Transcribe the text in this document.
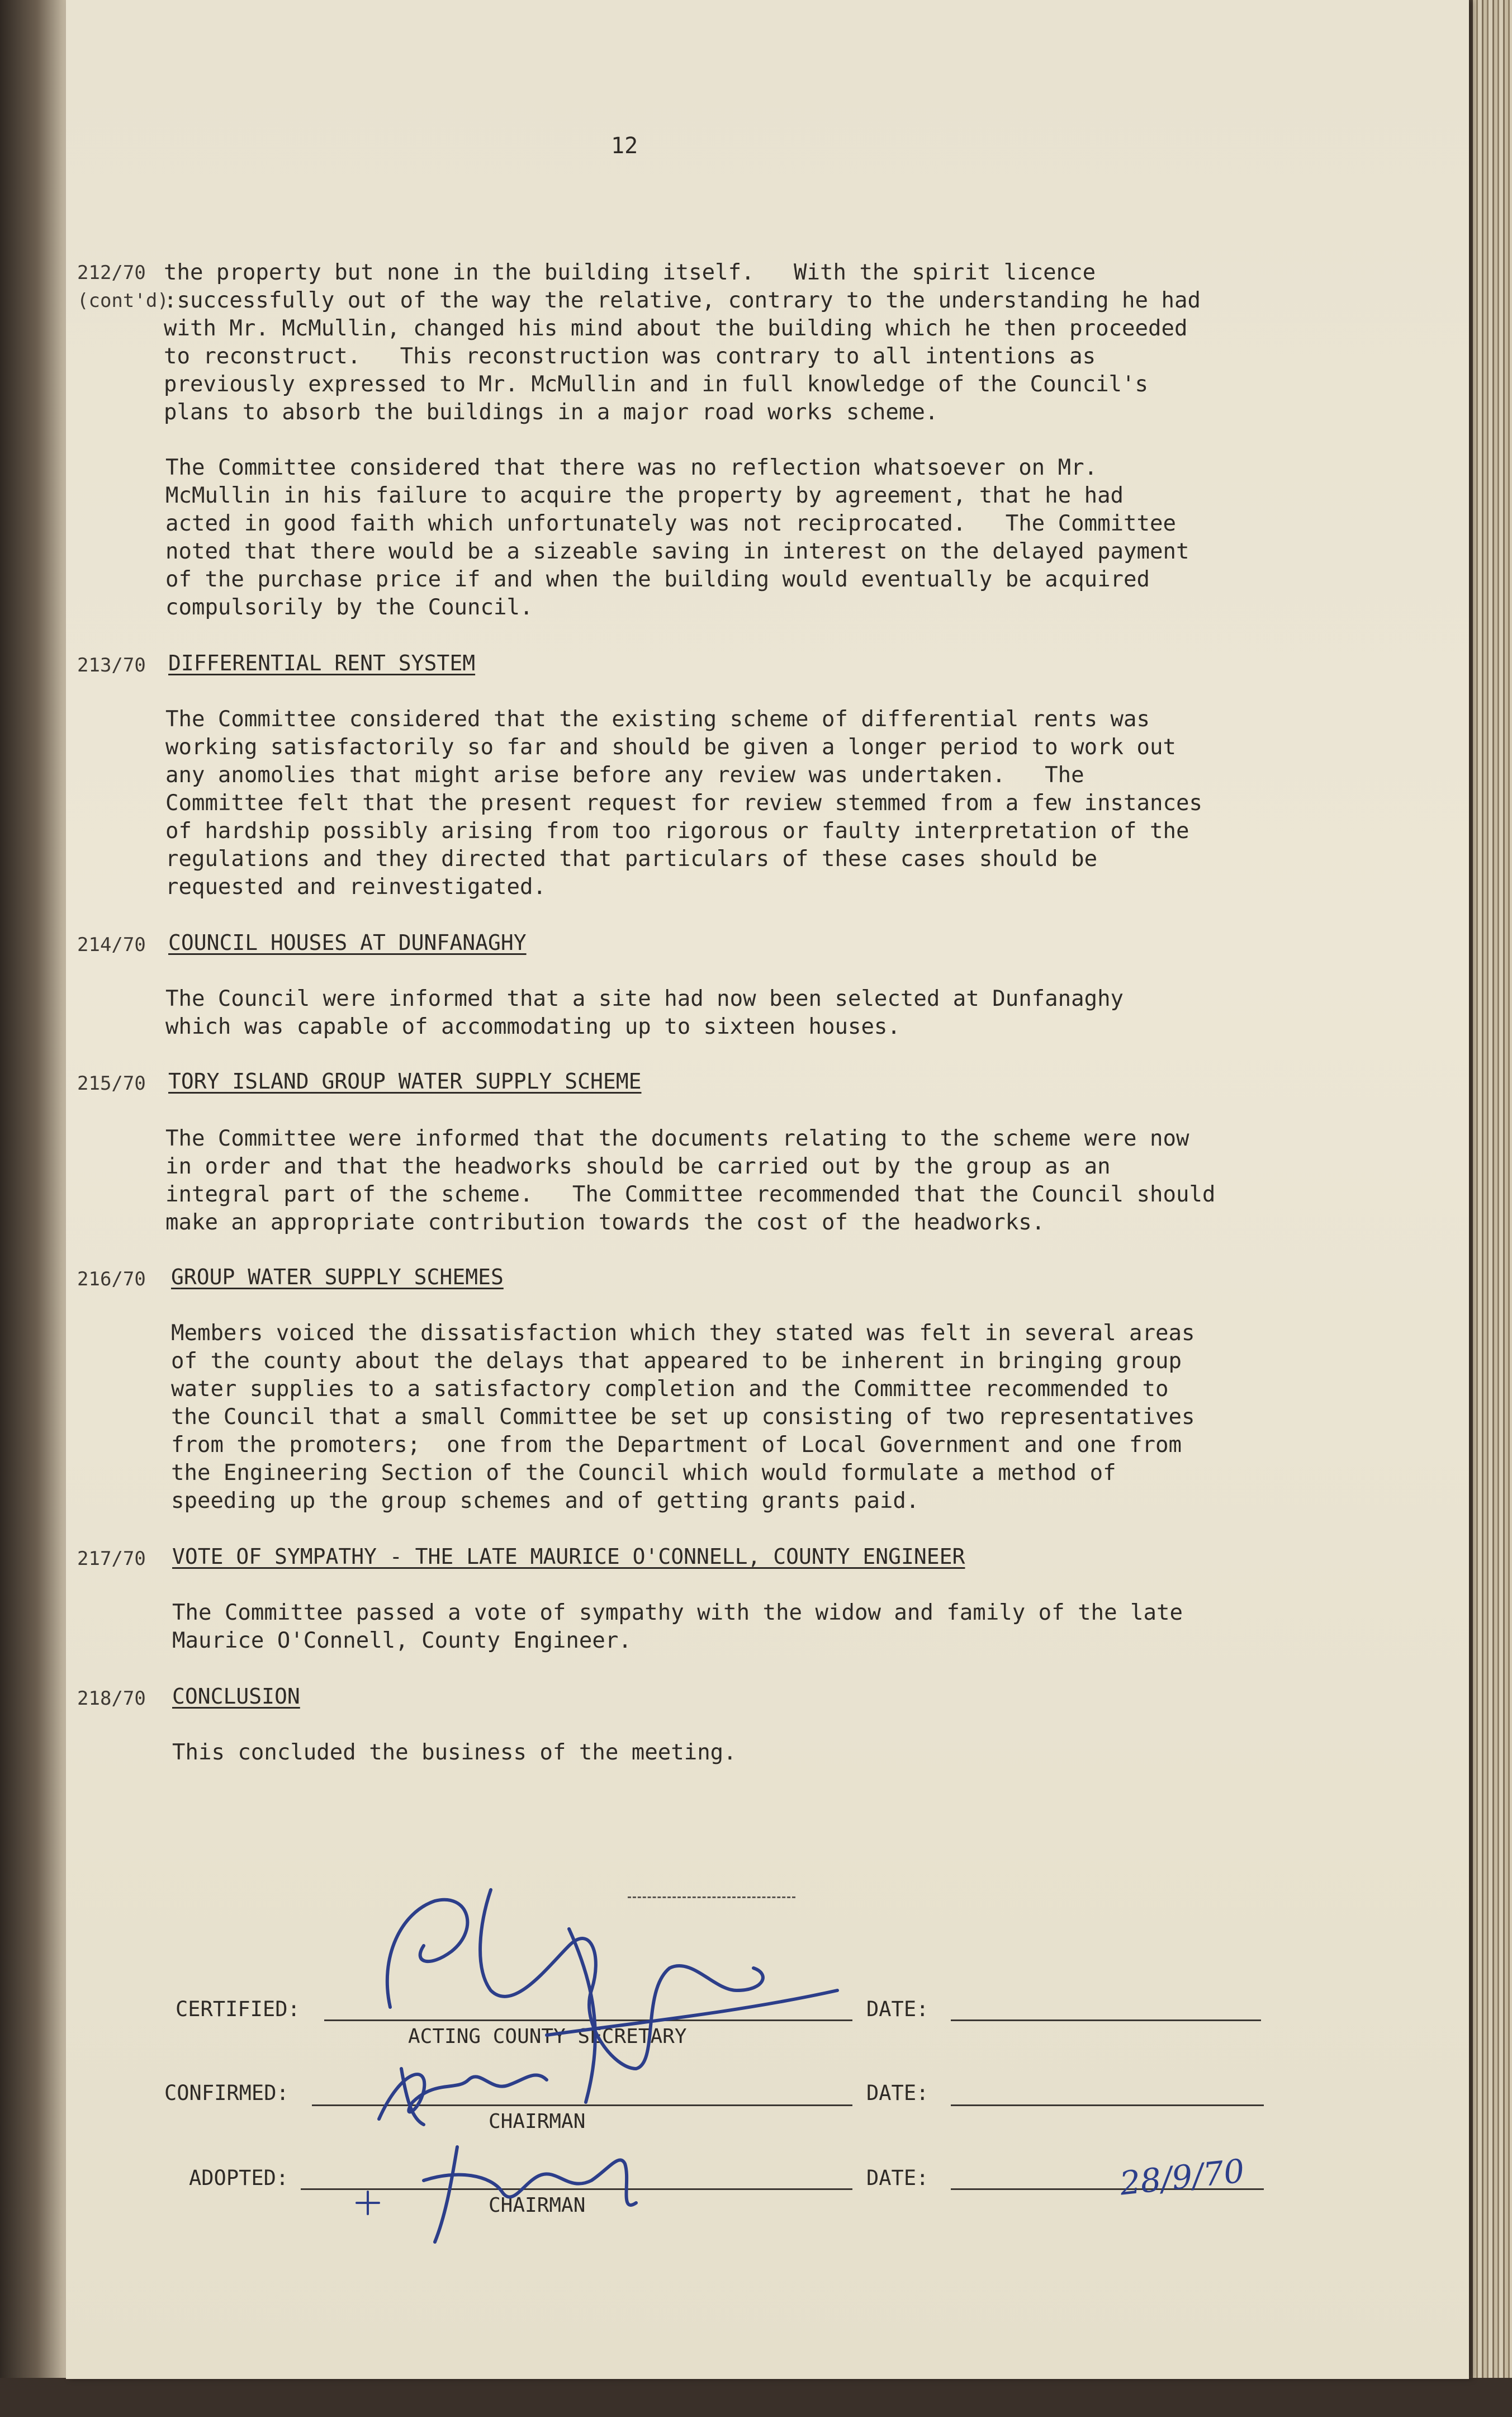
12
212/70
(cont'd)

the property but none in the building itself.   With the spirit licence
:successfully out of the way the relative, contrary to the understanding he had
with Mr. McMullin, changed his mind about the building which he then proceeded
to reconstruct.   This reconstruction was contrary to all intentions as
previously expressed to Mr. McMullin and in full knowledge of the Council's
plans to absorb the buildings in a major road works scheme.

The Committee considered that there was no reflection whatsoever on Mr.
McMullin in his failure to acquire the property by agreement, that he had
acted in good faith which unfortunately was not reciprocated.   The Committee
noted that there would be a sizeable saving in interest on the delayed payment
of the purchase price if and when the building would eventually be acquired
compulsorily by the Council.

213/70 DIFFERENTIAL RENT SYSTEM

The Committee considered that the existing scheme of differential rents was
working satisfactorily so far and should be given a longer period to work out
any anomolies that might arise before any review was undertaken.   The
Committee felt that the present request for review stemmed from a few instances
of hardship possibly arising from too rigorous or faulty interpretation of the
regulations and they directed that particulars of these cases should be
requested and reinvestigated.

214/70 COUNCIL HOUSES AT DUNFANAGHY

The Council were informed that a site had now been selected at Dunfanaghy
which was capable of accommodating up to sixteen houses.

215/70 TORY ISLAND GROUP WATER SUPPLY SCHEME

The Committee were informed that the documents relating to the scheme were now
in order and that the headworks should be carried out by the group as an
integral part of the scheme.   The Committee recommended that the Council should
make an appropriate contribution towards the cost of the headworks.

216/70 GROUP WATER SUPPLY SCHEMES

Members voiced the dissatisfaction which they stated was felt in several areas
of the county about the delays that appeared to be inherent in bringing group
water supplies to a satisfactory completion and the Committee recommended to
the Council that a small Committee be set up consisting of two representatives
from the promoters;  one from the Department of Local Government and one from
the Engineering Section of the Council which would formulate a method of
speeding up the group schemes and of getting grants paid.

217/70 VOTE OF SYMPATHY - THE LATE MAURICE O'CONNELL, COUNTY ENGINEER

The Committee passed a vote of sympathy with the widow and family of the late
Maurice O'Connell, County Engineer.

218/70 CONCLUSION

This concluded the business of the meeting.

CERTIFIED:
ACTING COUNTY SECRETARY
DATE:
CONFIRMED:
CHAIRMAN
DATE:
ADOPTED:
CHAIRMAN
DATE:	28/9/70
